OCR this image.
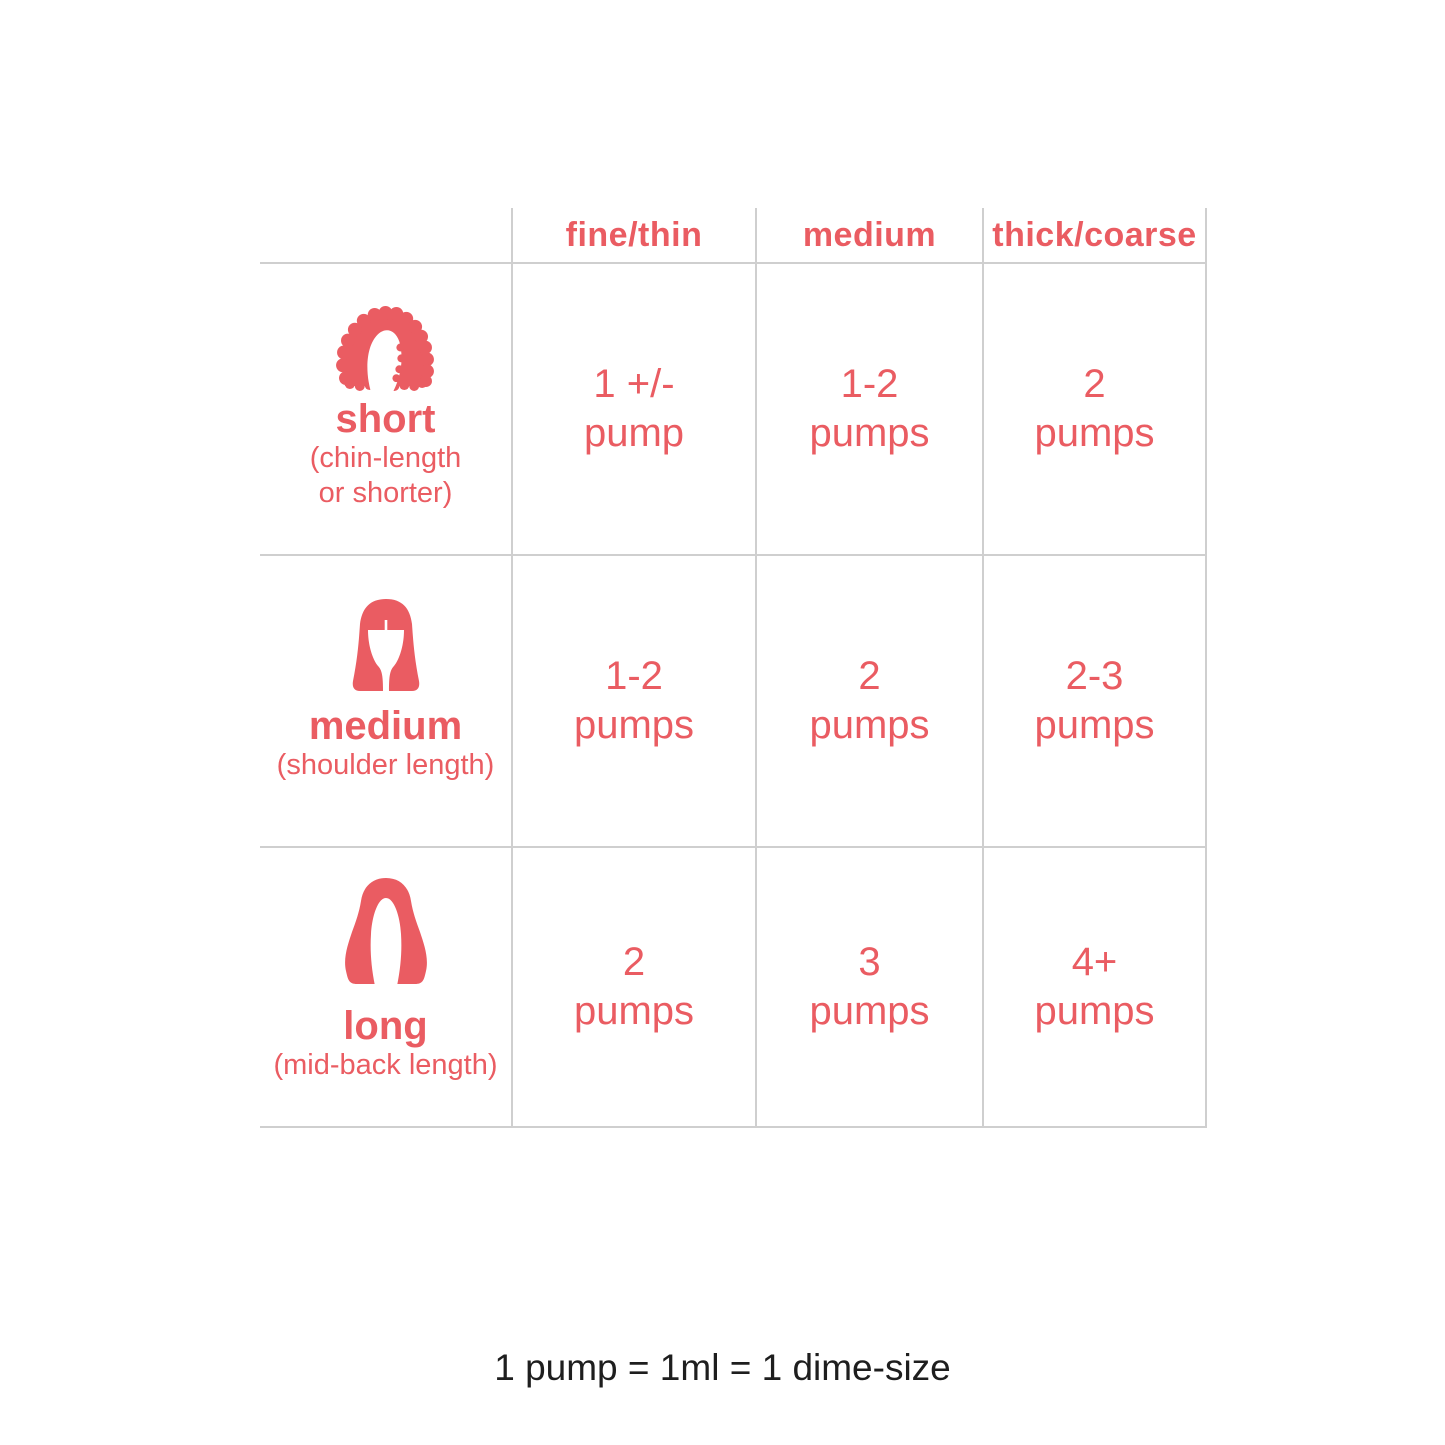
fine/thin	medium thick/coarse
short
(chin-length
or shorter)
1 +/-
pump
1-2
pumps
2
pumps
medium
(shoulder length)
1-2
pumps
2
pumps
2-3
pumps
long
(mid-back length)
2
pumps
3
pumps
4+
pumps
1 pump = 1ml = 1 dime-size
